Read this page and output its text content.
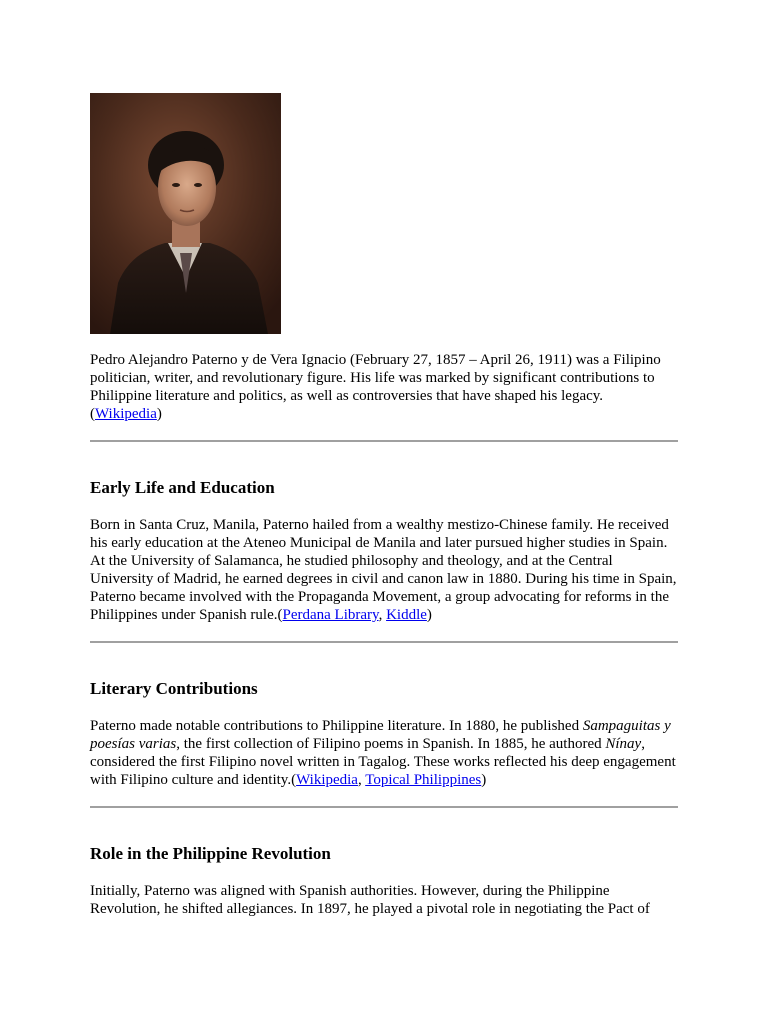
Pedro Alejandro Paterno y de Vera Ignacio (February 27, 1857 – April 26, 1911) was a Filipino politician, writer, and revolutionary figure. His life was marked by significant contributions to Philippine literature and politics, as well as controversies that have shaped his legacy. (Wikipedia)

Early Life and Education

Born in Santa Cruz, Manila, Paterno hailed from a wealthy mestizo-Chinese family. He received his early education at the Ateneo Municipal de Manila and later pursued higher studies in Spain. At the University of Salamanca, he studied philosophy and theology, and at the Central University of Madrid, he earned degrees in civil and canon law in 1880. During his time in Spain, Paterno became involved with the Propaganda Movement, a group advocating for reforms in the Philippines under Spanish rule.(Perdana Library, Kiddle)

Literary Contributions

Paterno made notable contributions to Philippine literature. In 1880, he published Sampaguitas y poesías varias, the first collection of Filipino poems in Spanish. In 1885, he authored Nínay, considered the first Filipino novel written in Tagalog. These works reflected his deep engagement with Filipino culture and identity.(Wikipedia, Topical Philippines)

Role in the Philippine Revolution

Initially, Paterno was aligned with Spanish authorities. However, during the Philippine Revolution, he shifted allegiances. In 1897, he played a pivotal role in negotiating the Pact of
